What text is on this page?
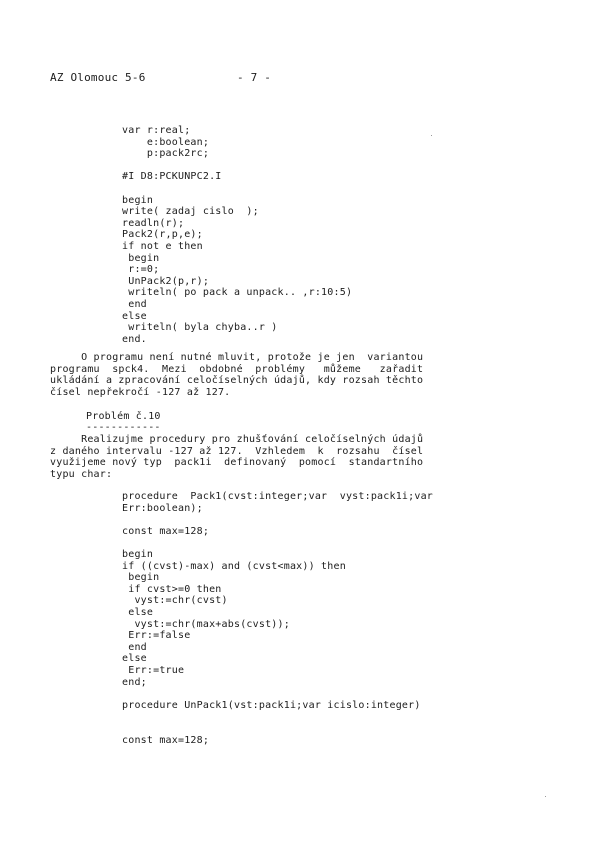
AZ Olomouc 5-6	- 7 -
var r:real;
e:boolean;
p:pack2rc;
#I D8:PCKUNPC2.I
begin
write( zadaj cislo  );
readln(r);
Pack2(r,p,e);
if not e then
begin
r:=0;
UnPack2(p,r);
writeln( po pack a unpack.. ,r:10:5)
end
else
writeln( byla chyba..r )
end.
O programu není nutné mluvit, protože je jen  variantou
programu  spck4.  Mezi  obdobné  problémy   můžeme   zařadit
ukládání a zpracování celočíselných údajů, kdy rozsah těchto
čísel nepřekročí -127 až 127.
Problém č.10
------------
Realizujme procedury pro zhušťování celočíselných údajů
z daného intervalu -127 až 127.  Vzhledem  k  rozsahu  čísel
využijeme nový typ  pack1i  definovaný  pomocí  standartního
typu char:
procedure  Pack1(cvst:integer;var  vyst:pack1i;var
Err:boolean);
const max=128;
begin
if ((cvst)-max) and (cvst<max)) then
begin
if cvst>=0 then
vyst:=chr(cvst)
else
vyst:=chr(max+abs(cvst));
Err:=false
end
else
Err:=true
end;
procedure UnPack1(vst:pack1i;var icislo:integer)
const max=128;
